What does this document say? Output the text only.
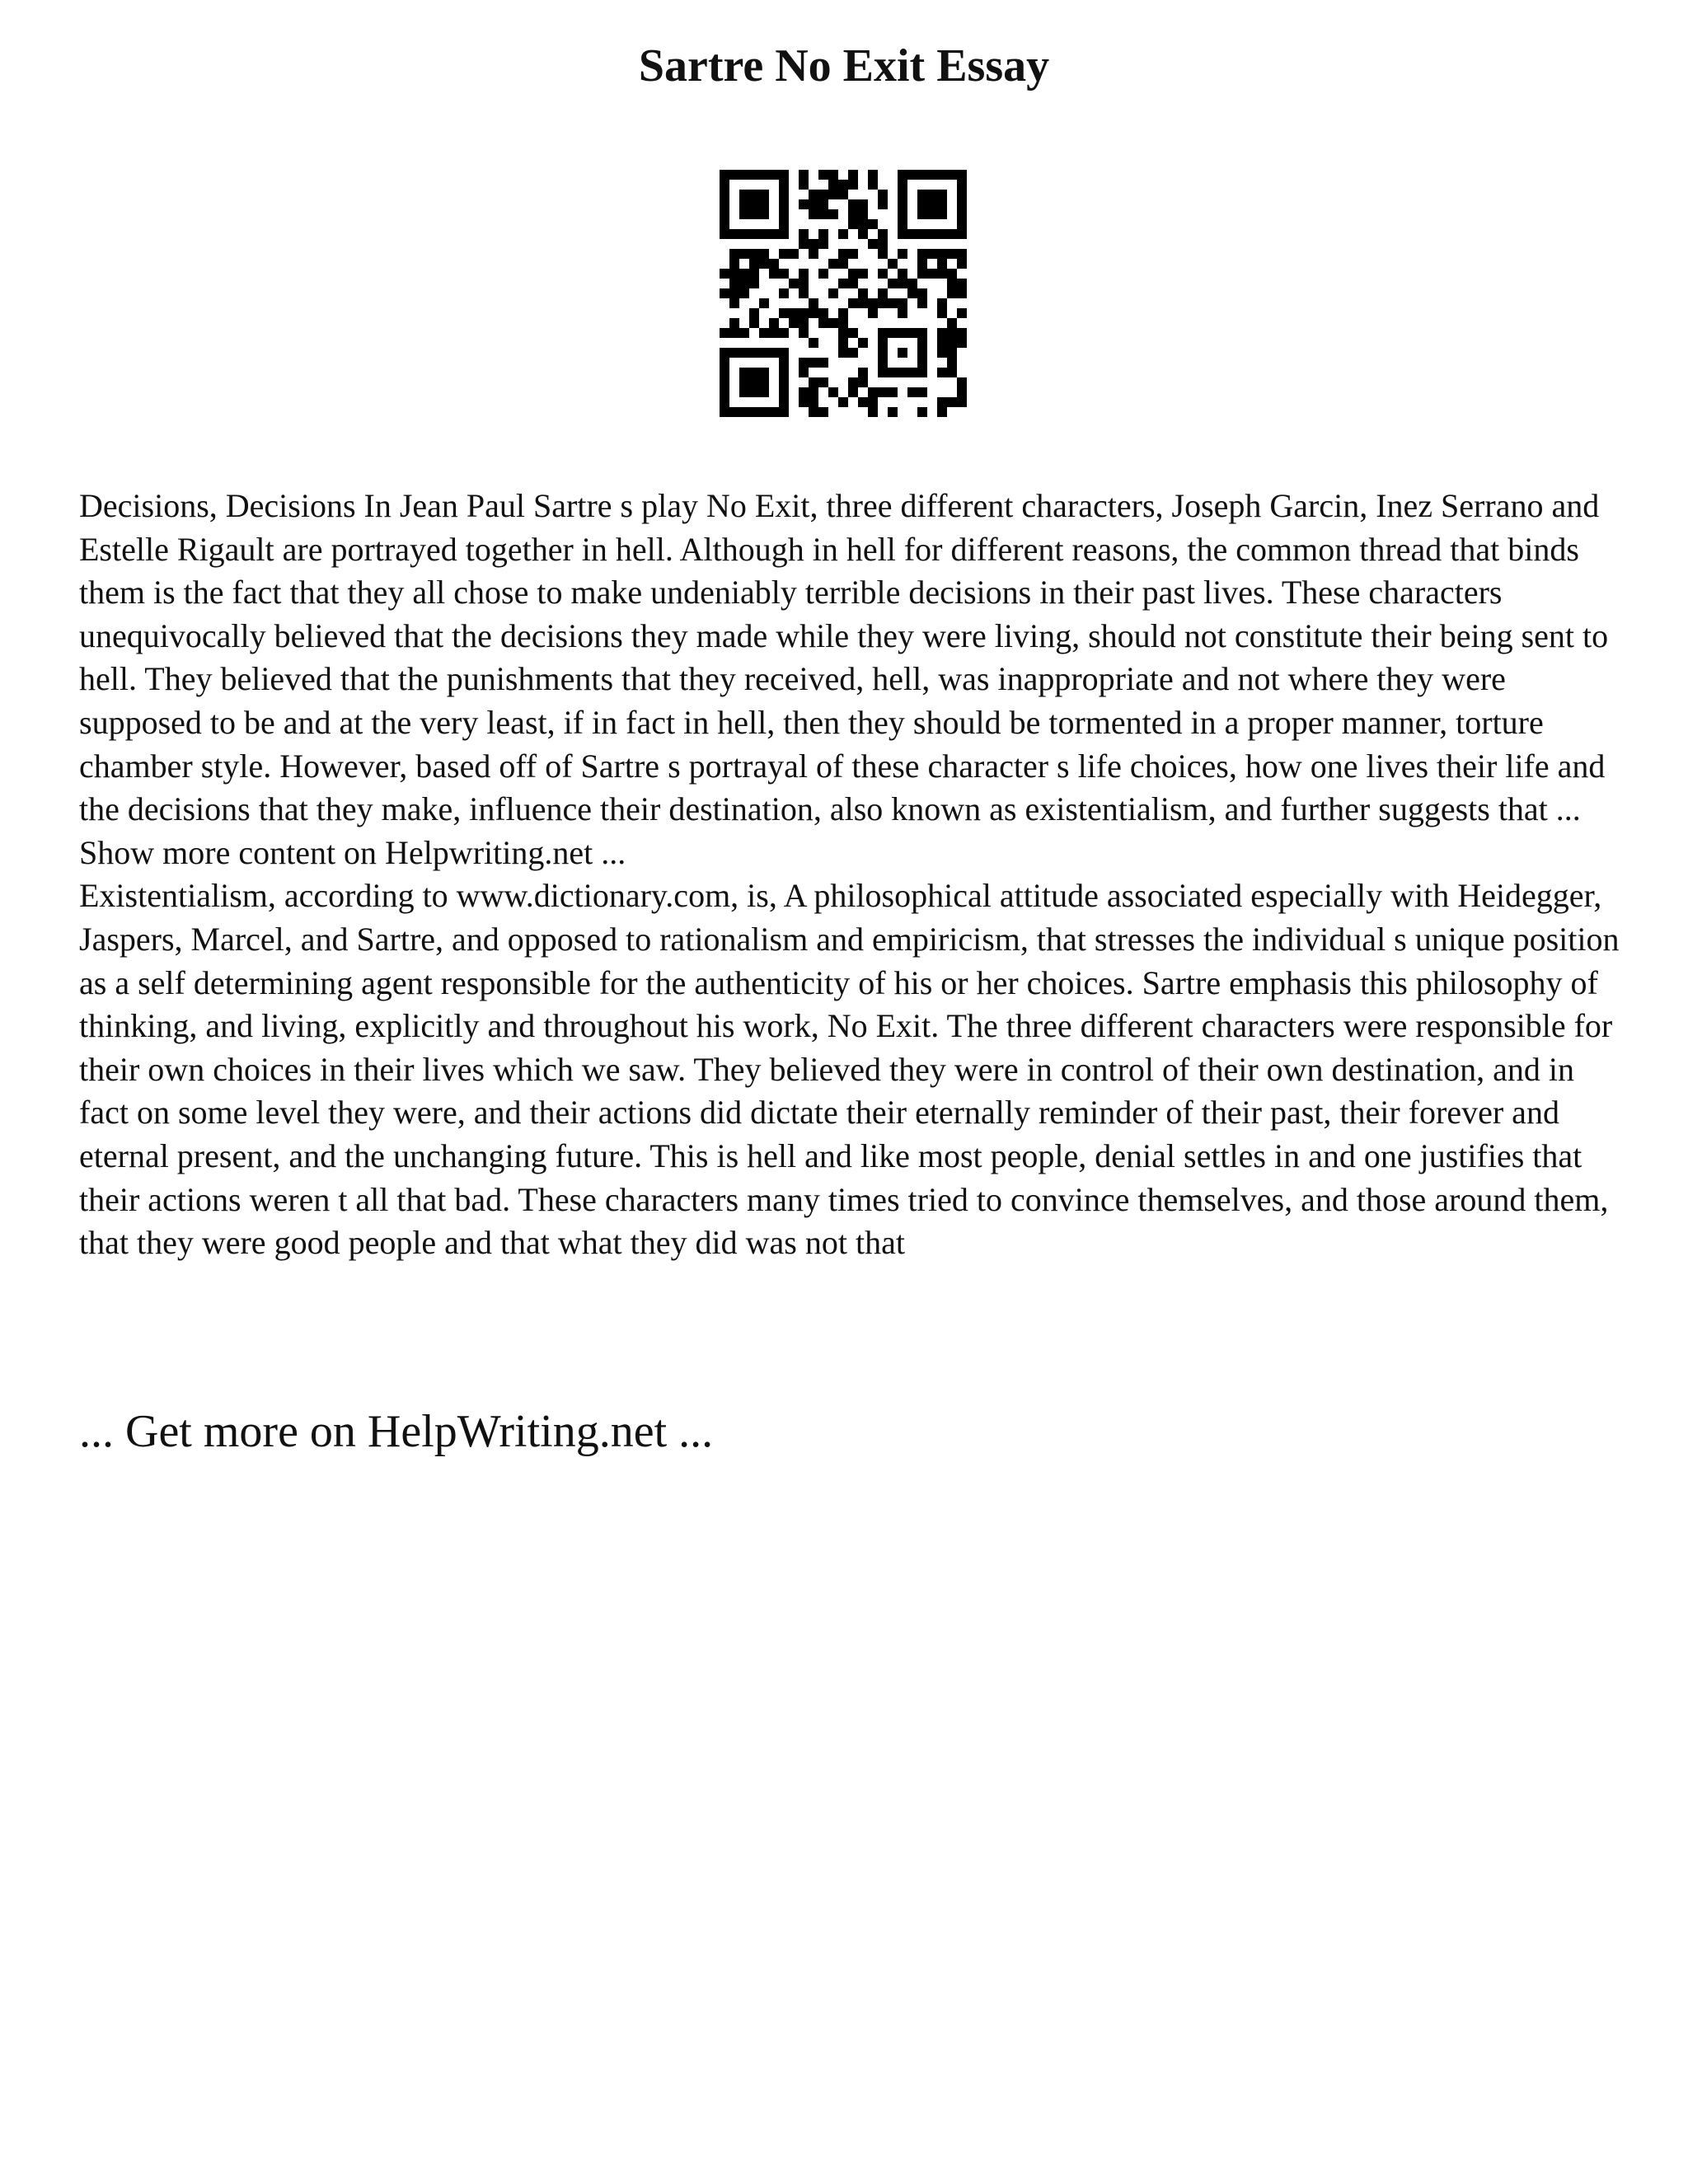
Sartre No Exit Essay

Decisions, Decisions In Jean Paul Sartre s play No Exit, three different characters, Joseph Garcin, Inez Serrano and Estelle Rigault are portrayed together in hell. Although in hell for different reasons, the common thread that binds them is the fact that they all chose to make undeniably terrible decisions in their past lives. These characters unequivocally believed that the decisions they made while they were living, should not constitute their being sent to hell. They believed that the punishments that they received, hell, was inappropriate and not where they were supposed to be and at the very least, if in fact in hell, then they should be tormented in a proper manner, torture chamber style. However, based off of Sartre s portrayal of these character s life choices, how one lives their life and the decisions that they make, influence their destination, also known as existentialism, and further suggests that ... Show more content on Helpwriting.net ...

Existentialism, according to www.dictionary.com, is, A philosophical attitude associated especially with Heidegger, Jaspers, Marcel, and Sartre, and opposed to rationalism and empiricism, that stresses the individual s unique position as a self determining agent responsible for the authenticity of his or her choices. Sartre emphasis this philosophy of thinking, and living, explicitly and throughout his work, No Exit. The three different characters were responsible for their own choices in their lives which we saw. They believed they were in control of their own destination, and in fact on some level they were, and their actions did dictate their eternally reminder of their past, their forever and eternal present, and the unchanging future. This is hell and like most people, denial settles in and one justifies that their actions weren t all that bad. These characters many times tried to convince themselves, and those around them, that they were good people and that what they did was not that

... Get more on HelpWriting.net ...
